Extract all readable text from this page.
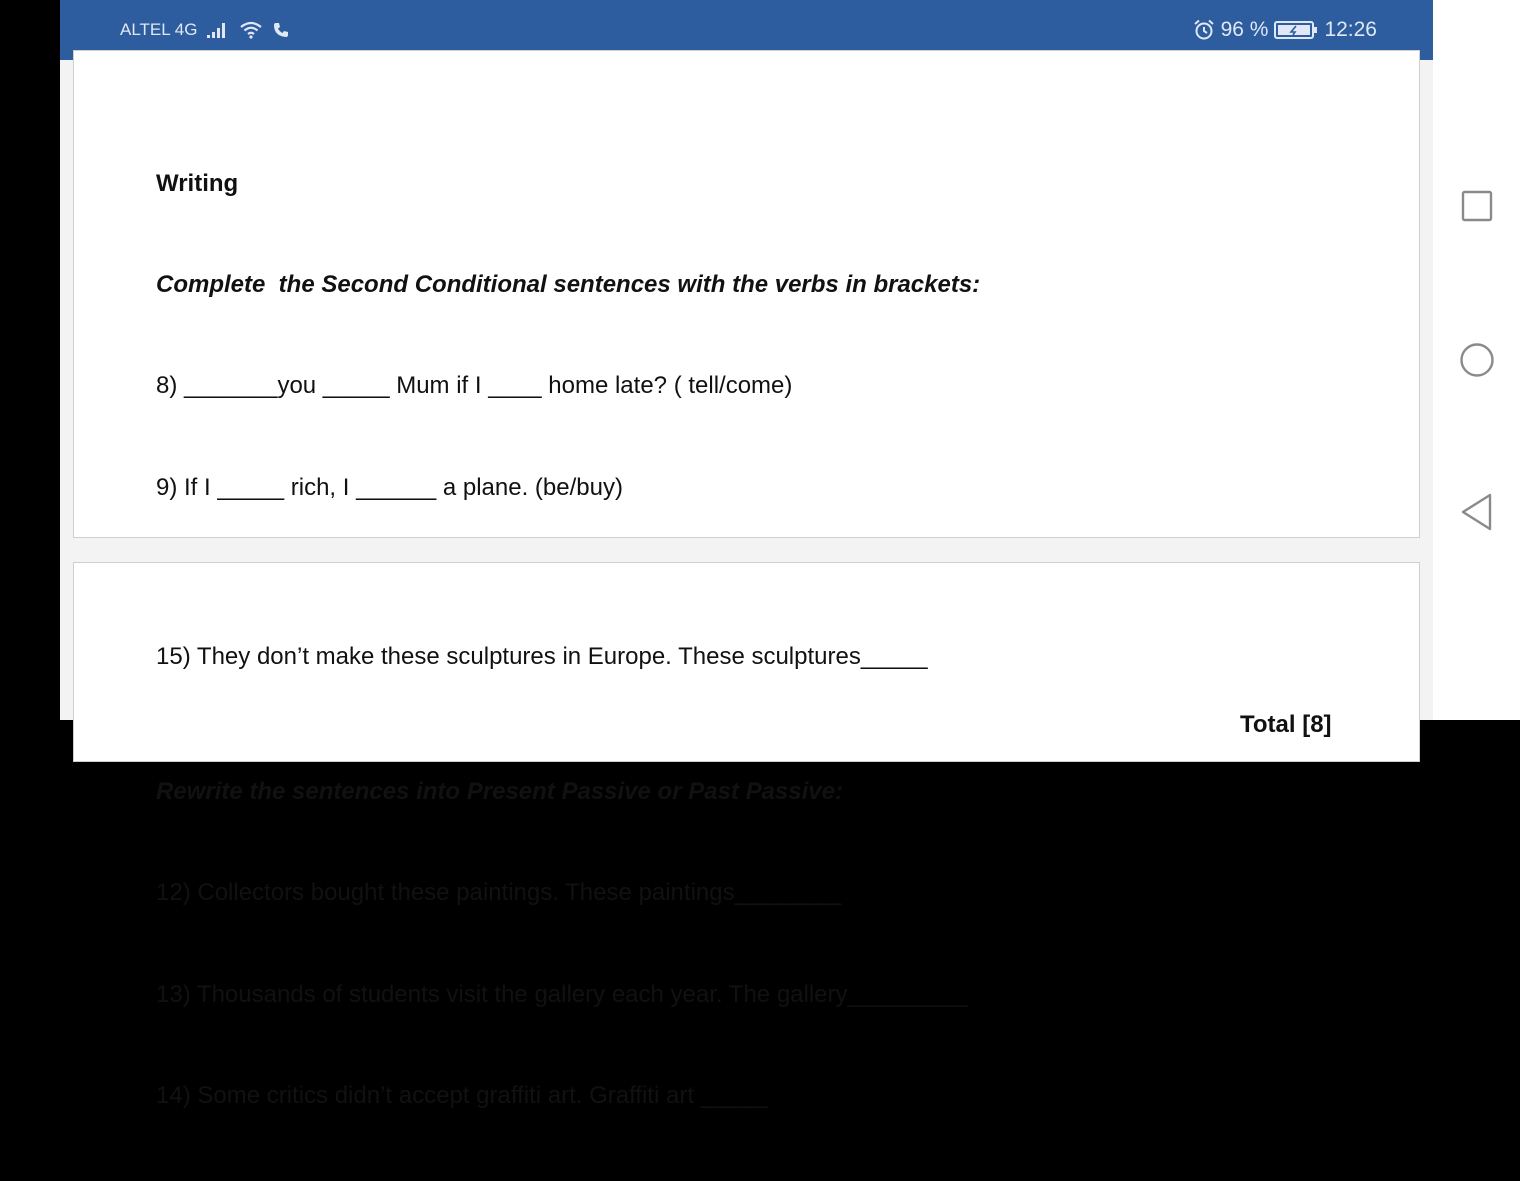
ALTEL 4G	96 %	12:26

Writing

Complete  the Second Conditional sentences with the verbs in brackets:

8) _______you _____ Mum if I ____ home late? ( tell/come)

9) If I _____ rich, I ______ a plane. (be/buy)

Rewrite the sentences into Present Passive or Past Passive:

12) Collectors bought these paintings. These paintings________

13) Thousands of students visit the gallery each year. The gallery_________

14) Some critics didn’t accept graffiti art. Graffiti art _____

15) They don’t make these sculptures in Europe. These sculptures_____
Total [8]
